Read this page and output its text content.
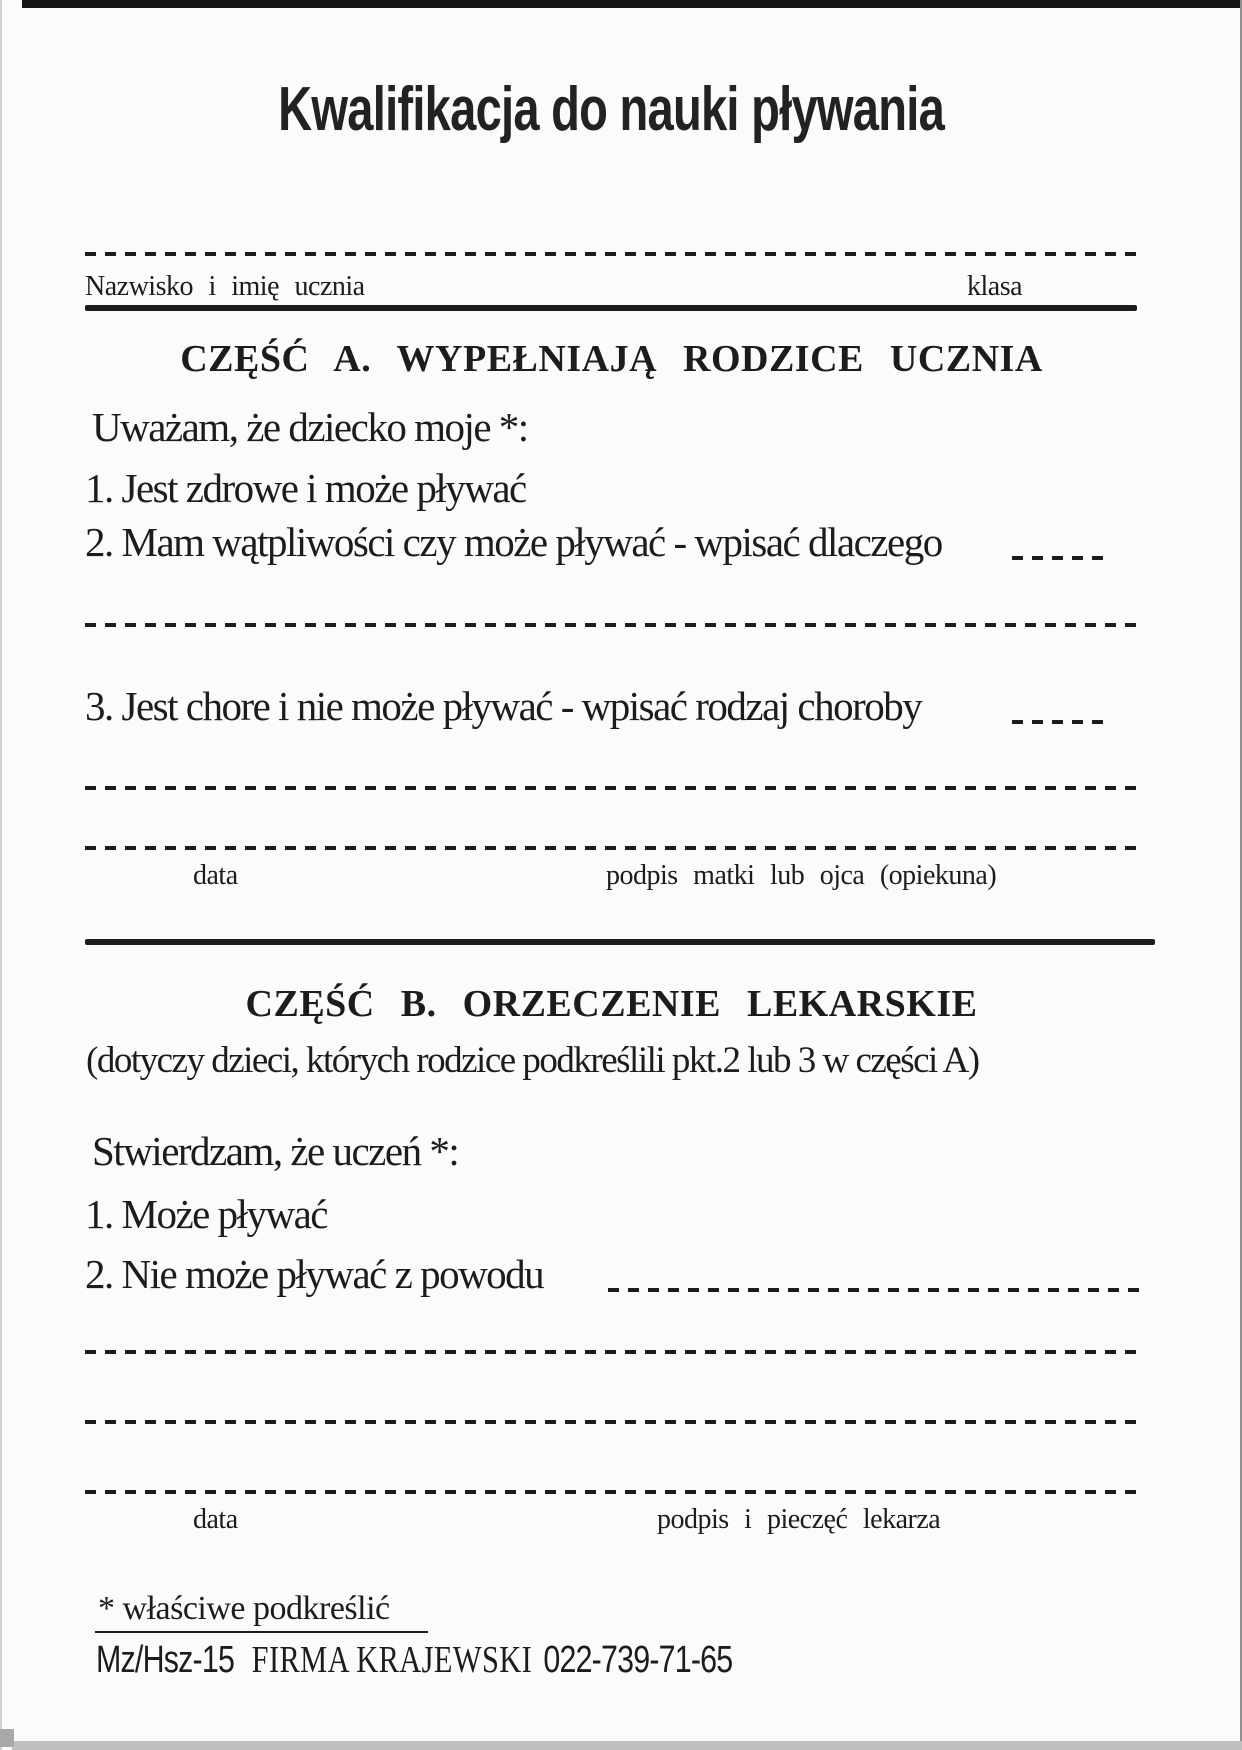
Kwalifikacja do nauki pływania
Nazwisko i imię ucznia	klasa
CZĘŚĆ A. WYPEŁNIAJĄ RODZICE UCZNIA
Uważam, że dziecko moje *:
1. Jest zdrowe i może pływać
2. Mam wątpliwości czy może pływać - wpisać dlaczego
3. Jest chore i nie może pływać - wpisać rodzaj choroby
data	podpis matki lub ojca (opiekuna)
CZĘŚĆ B. ORZECZENIE LEKARSKIE
(dotyczy dzieci, których rodzice podkreślili pkt.2 lub 3 w części A)
Stwierdzam, że uczeń *:
1. Może pływać
2. Nie może pływać z powodu
data	podpis i pieczęć lekarza
* właściwe podkreślić
Mz/Hsz-15 FIRMA KRAJEWSKI 022-739-71-65
